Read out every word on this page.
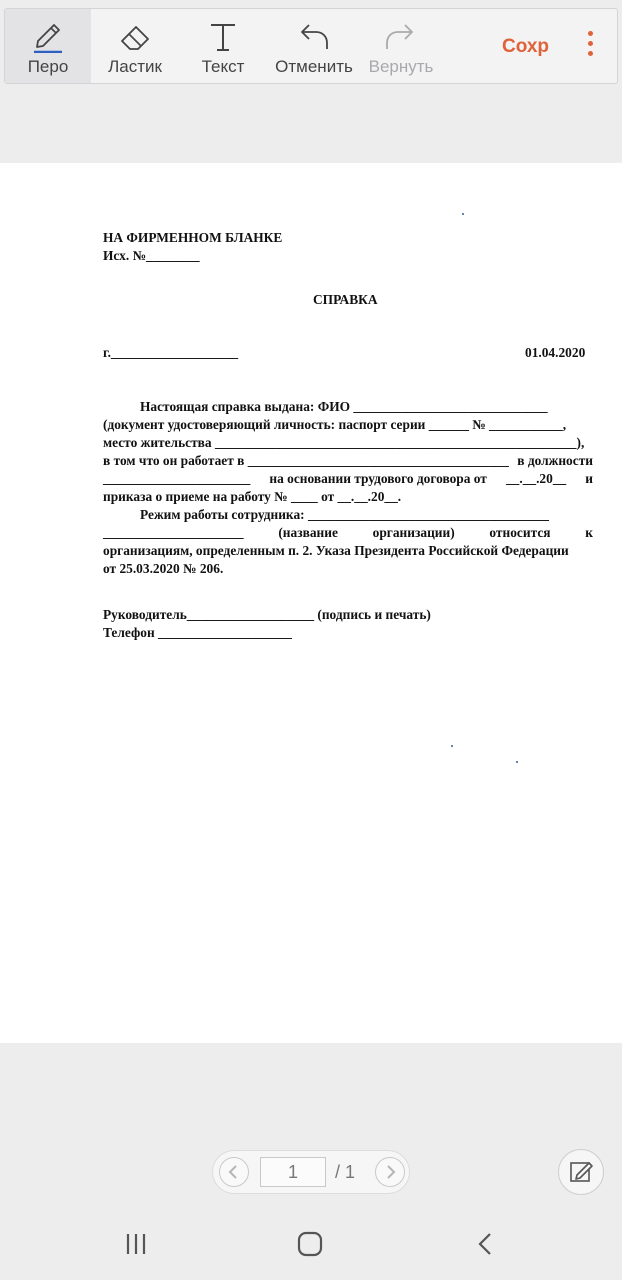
Перо	Ластик	Текст	Отменить Вернуть
Сохр
НА ФИРМЕННОМ БЛАНКЕ
Исх. №________
СПРАВКА
г.___________________	01.04.2020
Настоящая справка выдана: ФИО _____________________________
(документ удостоверяющий личность: паспорт серии ______ № ___________,
место жительства ______________________________________________________),
в том что он работает в _______________________________________ в должности
______________________ на основании трудового договора от __.__.20__ и
приказа о приеме на работу № ____ от __.__.20__.
Режим работы сотрудника: ____________________________________
_____________________	(название	организации)	относится	к
организациям, определенным п. 2. Указа Президента Российской Федерации
от 25.03.2020 № 206.
Руководитель___________________ (подпись и печать)
Телефон ____________________
1	/ 1
